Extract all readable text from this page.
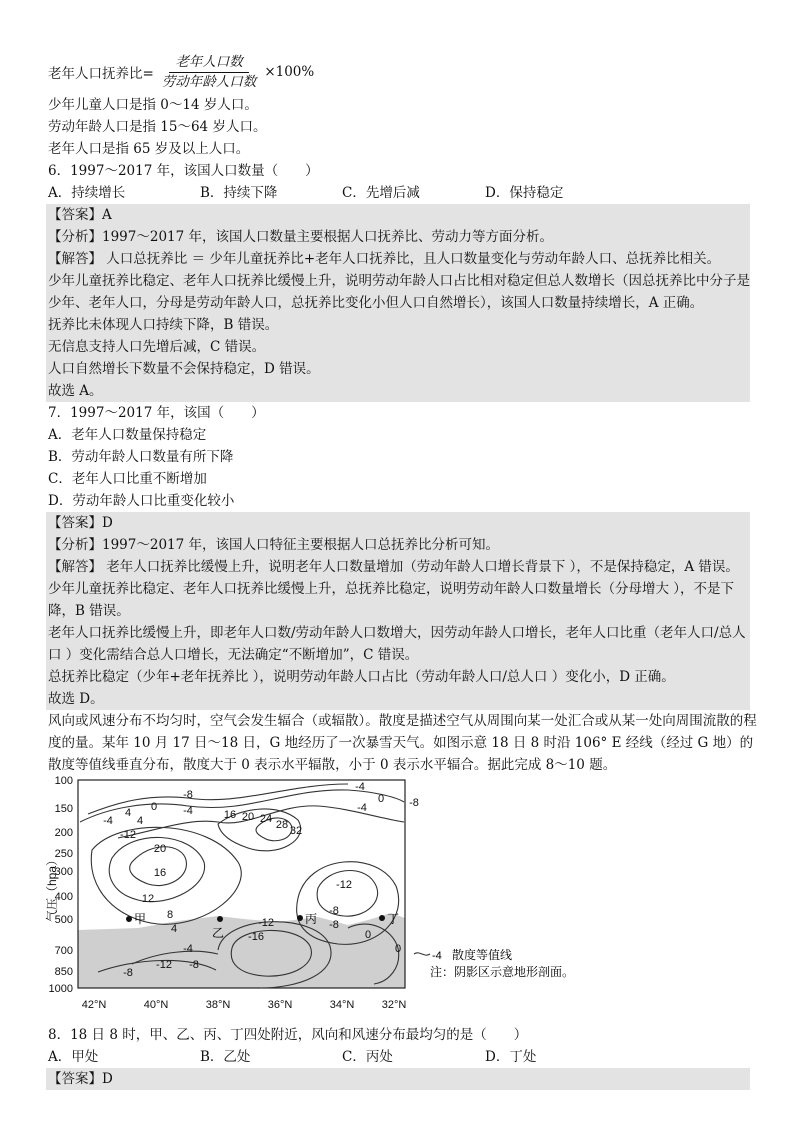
老年人口抚养比= $\frac{\text{老年人口数}}{\text{劳动年龄人口数}} \times 100\%$
少年儿童人口是指 0～14 岁人口。
劳动年龄人口是指 15～64 岁人口。
老年人口是指 65 岁及以上人口。
6．1997～2017 年，该国人口数量（　　）
A．持续增长	B．持续下降	C．先增后减	D．保持稳定
【答案】A
【分析】1997～2017 年，该国人口数量主要根据人口抚养比、劳动力等方面分析。
【解答】 人口总抚养比 ＝ 少年儿童抚养比+老年人口抚养比，且人口数量变化与劳动年龄人口、总抚养比相关。
少年儿童抚养比稳定、老年人口抚养比缓慢上升，说明劳动年龄人口占比相对稳定但总人数增长（因总抚养比中分子是少年、老年人口，分母是劳动年龄人口，总抚养比变化小但人口自然增长），该国人口数量持续增长，A 正确。
抚养比未体现人口持续下降，B 错误。
无信息支持人口先增后减，C 错误。
人口自然增长下数量不会保持稳定，D 错误。
故选 A。
7．1997～2017 年，该国（　　）
A．老年人口数量保持稳定
B．劳动年龄人口数量有所下降
C．老年人口比重不断增加
D．劳动年龄人口比重变化较小
【答案】D
【分析】1997～2017 年，该国人口特征主要根据人口总抚养比分析可知。
【解答】 老年人口抚养比缓慢上升，说明老年人口数量增加（劳动年龄人口增长背景下 ），不是保持稳定，A 错误。
少年儿童抚养比稳定、老年人口抚养比缓慢上升，总抚养比稳定，说明劳动年龄人口数量增长（分母增大 ），不是下降，B 错误。
老年人口抚养比缓慢上升，即老年人口数/劳动年龄人口数增大，因劳动年龄人口增长，老年人口比重（老年人口/总人口 ）变化需结合总人口增长，无法确定“不断增加”，C 错误。
总抚养比稳定（少年+老年抚养比 ），说明劳动年龄人口占比（劳动年龄人口/总人口 ）变化小，D 正确。
故选 D。
风向或风速分布不均匀时，空气会发生辐合（或辐散）。散度是描述空气从周围向某一处汇合或从某一处向周围流散的程度的量。某年 10 月 17 日～18 日，G 地经历了一次暴雪天气。如图示意 18 日 8 时沿 106° E 经线（经过 G 地）的散度等值线垂直分布，散度大于 0 表示水平辐散，小于 0 表示水平辐合。据此完成 8～10 题。
-8
-4
-4
0
-4	-8
4 0
-4 4
-12
16 20 24 28 32
20
16
12
8
4
-12
-8
-12
-16
-8
0
0
-4
-8
-12
-8
甲
乙
丙	丁
100
150
200
250
300
400
500
700
850
1000
气压（hpa）
42°N	40°N	38°N	36°N	34°N 32°N
-4 散度等值线
注：阴影区示意地形剖面。
8．18 日 8 时，甲、乙、丙、丁四处附近，风向和风速分布最均匀的是（　　）
A．甲处	B．乙处	C．丙处	D．丁处
【答案】D
